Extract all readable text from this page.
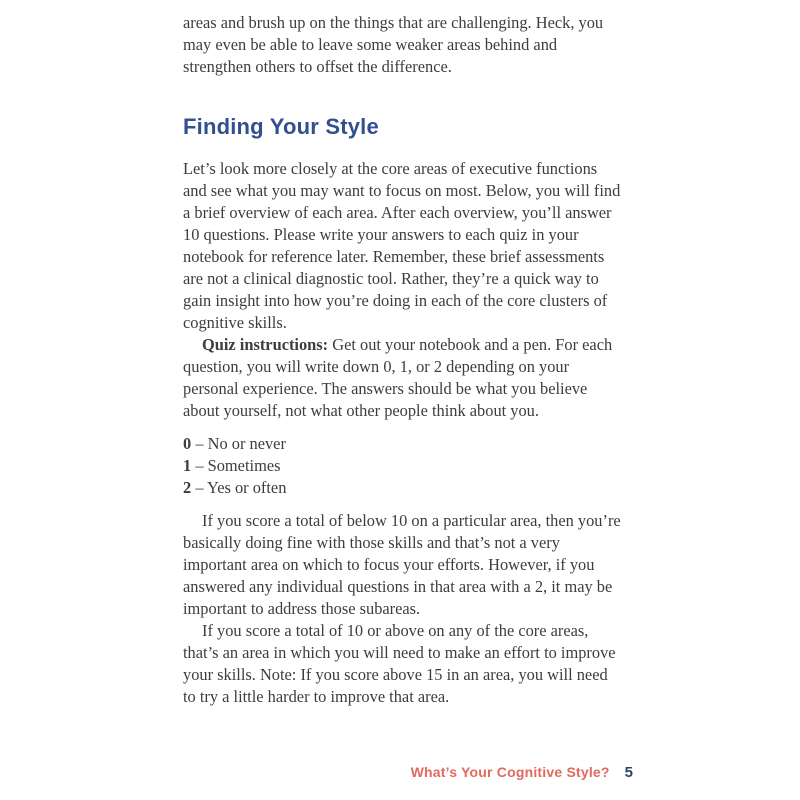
areas and brush up on the things that are challenging. Heck, you may even be able to leave some weaker areas behind and strengthen others to offset the difference.

Finding Your Style

Let’s look more closely at the core areas of executive functions and see what you may want to focus on most. Below, you will find a brief overview of each area. After each overview, you’ll answer 10 questions. Please write your answers to each quiz in your notebook for reference later. Remember, these brief assessments are not a clinical diagnostic tool. Rather, they’re a quick way to gain insight into how you’re doing in each of the core clusters of cognitive skills.

Quiz instructions: Get out your notebook and a pen. For each question, you will write down 0, 1, or 2 depending on your personal experience. The answers should be what you believe about yourself, not what other people think about you.

0 – No or never
1 – Sometimes
2 – Yes or often

If you score a total of below 10 on a particular area, then you’re basically doing fine with those skills and that’s not a very important area on which to focus your efforts. However, if you answered any individual questions in that area with a 2, it may be important to address those subareas.

If you score a total of 10 or above on any of the core areas, that’s an area in which you will need to make an effort to improve your skills. Note: If you score above 15 in an area, you will need to try a little harder to improve that area.

What’s Your Cognitive Style? 5
